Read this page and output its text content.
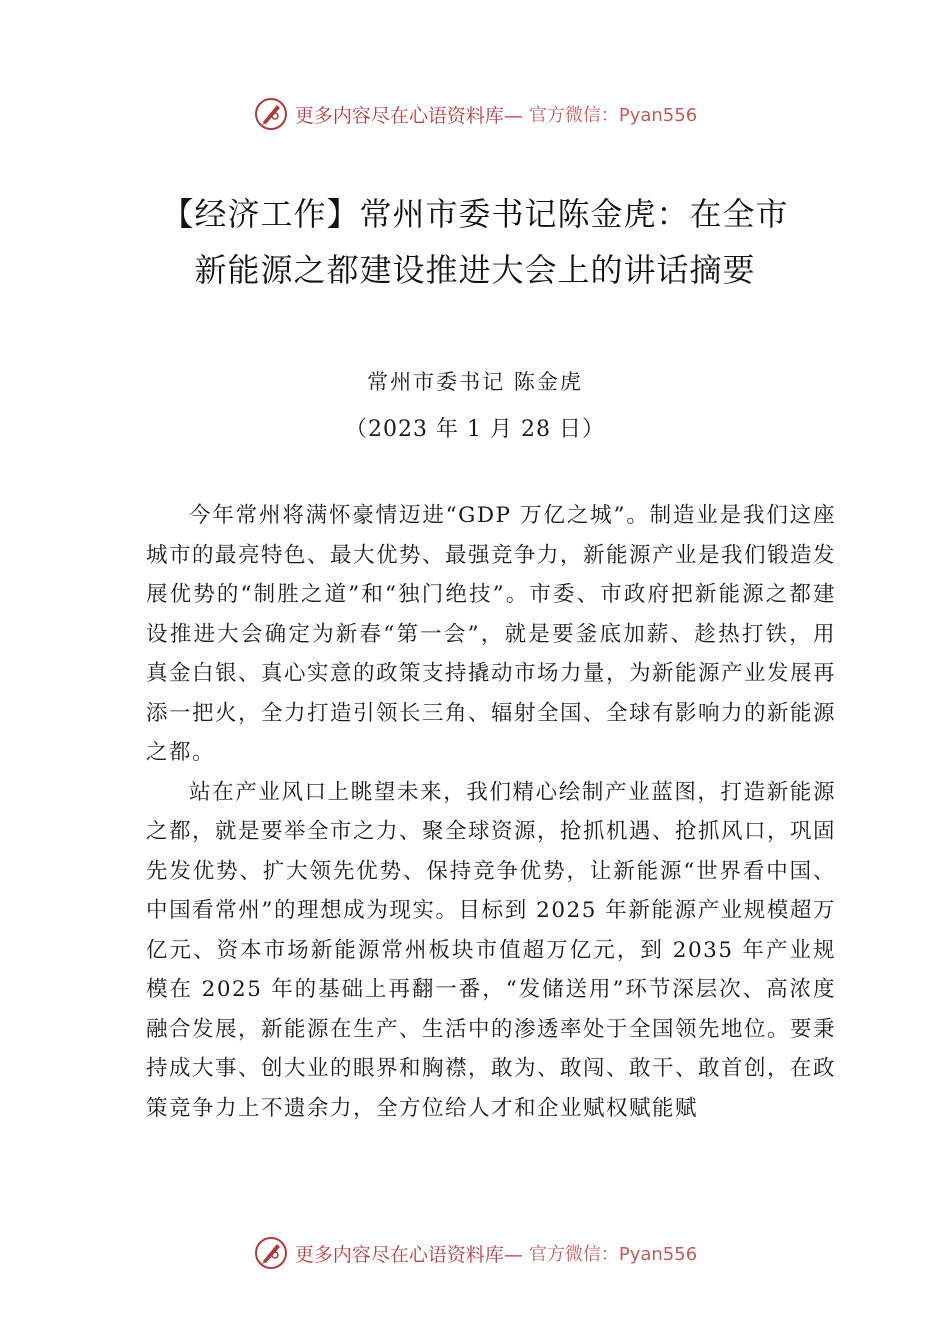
更多内容尽在心语资料库— 官方微信：Pyan556
【经济工作】常州市委书记陈金虎：在全市新能源之都建设推进大会上的讲话摘要
常州市委书记 陈金虎
（2023 年 1 月 28 日）

今年常州将满怀豪情迈进“GDP 万亿之城”。制造业是我们这座城市的最亮特色、最大优势、最强竞争力，新能源产业是我们锻造发展优势的“制胜之道”和“独门绝技”。市委、市政府把新能源之都建设推进大会确定为新春“第一会”，就是要釜底加薪、趁热打铁，用真金白银、真心实意的政策支持撬动市场力量，为新能源产业发展再添一把火，全力打造引领长三角、辐射全国、全球有影响力的新能源之都。

站在产业风口上眺望未来，我们精心绘制产业蓝图，打造新能源之都，就是要举全市之力、聚全球资源，抢抓机遇、抢抓风口，巩固先发优势、扩大领先优势、保持竞争优势，让新能源“世界看中国、中国看常州”的理想成为现实。目标到 2025 年新能源产业规模超万亿元、资本市场新能源常州板块市值超万亿元，到 2035 年产业规模在 2025 年的基础上再翻一番，“发储送用”环节深层次、高浓度融合发展，新能源在生产、生活中的渗透率处于全国领先地位。要秉持成大事、创大业的眼界和胸襟，敢为、敢闯、敢干、敢首创，在政策竞争力上不遗余力，全方位给人才和企业赋权赋能赋

更多内容尽在心语资料库— 官方微信：Pyan556
